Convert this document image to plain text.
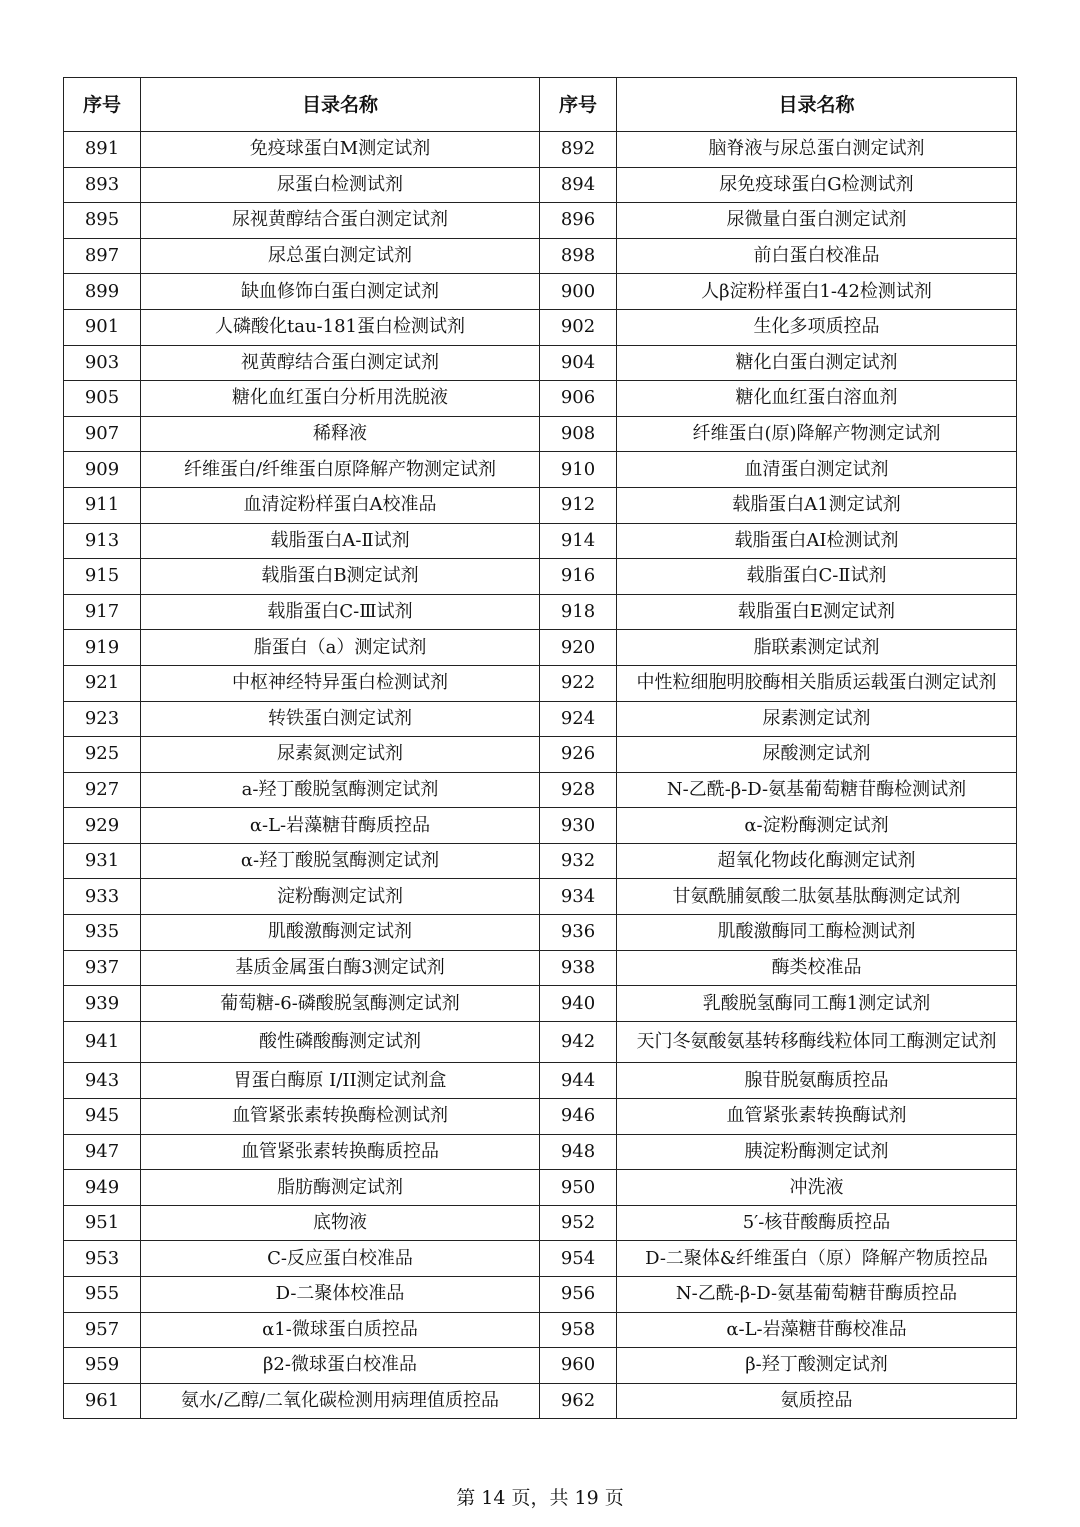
序号	目录名称	序号	目录名称
891	免疫球蛋白M测定试剂	892	脑脊液与尿总蛋白测定试剂
893	尿蛋白检测试剂	894	尿免疫球蛋白G检测试剂
895	尿视黄醇结合蛋白测定试剂	896	尿微量白蛋白测定试剂
897	尿总蛋白测定试剂	898	前白蛋白校准品
899	缺血修饰白蛋白测定试剂	900	人β淀粉样蛋白1-42检测试剂
901	人磷酸化tau-181蛋白检测试剂	902	生化多项质控品
903	视黄醇结合蛋白测定试剂	904	糖化白蛋白测定试剂
905	糖化血红蛋白分析用洗脱液	906	糖化血红蛋白溶血剂
907	稀释液	908	纤维蛋白(原)降解产物测定试剂
909	纤维蛋白/纤维蛋白原降解产物测定试剂	910	血清蛋白测定试剂
911	血清淀粉样蛋白A校准品	912	载脂蛋白A1测定试剂
913	载脂蛋白A-Ⅱ试剂	914	载脂蛋白AI检测试剂
915	载脂蛋白B测定试剂	916	载脂蛋白C-Ⅱ试剂
917	载脂蛋白C-Ⅲ试剂	918	载脂蛋白E测定试剂
919	脂蛋白（a）测定试剂	920	脂联素测定试剂
921	中枢神经特异蛋白检测试剂	922	中性粒细胞明胶酶相关脂质运载蛋白测定试剂
923	转铁蛋白测定试剂	924	尿素测定试剂
925	尿素氮测定试剂	926	尿酸测定试剂
927	a-羟丁酸脱氢酶测定试剂	928	N-乙酰-β-D-氨基葡萄糖苷酶检测试剂
929	α-L-岩藻糖苷酶质控品	930	α-淀粉酶测定试剂
931	α-羟丁酸脱氢酶测定试剂	932	超氧化物歧化酶测定试剂
933	淀粉酶测定试剂	934	甘氨酰脯氨酸二肽氨基肽酶测定试剂
935	肌酸激酶测定试剂	936	肌酸激酶同工酶检测试剂
937	基质金属蛋白酶3测定试剂	938	酶类校准品
939	葡萄糖-6-磷酸脱氢酶测定试剂	940	乳酸脱氢酶同工酶1测定试剂
941	酸性磷酸酶测定试剂	942	天门冬氨酸氨基转移酶线粒体同工酶测定试剂
943	胃蛋白酶原 I/II测定试剂盒	944	腺苷脱氨酶质控品
945	血管紧张素转换酶检测试剂	946	血管紧张素转换酶试剂
947	血管紧张素转换酶质控品	948	胰淀粉酶测定试剂
949	脂肪酶测定试剂	950	冲洗液
951	底物液	952	5′-核苷酸酶质控品
953	C-反应蛋白校准品	954	D-二聚体&纤维蛋白（原）降解产物质控品
955	D-二聚体校准品	956	N-乙酰-β-D-氨基葡萄糖苷酶质控品
957	α1-微球蛋白质控品	958	α-L-岩藻糖苷酶校准品
959	β2-微球蛋白校准品	960	β-羟丁酸测定试剂
961	氨水/乙醇/二氧化碳检测用病理值质控品	962	氨质控品
第 14 页，共 19 页
